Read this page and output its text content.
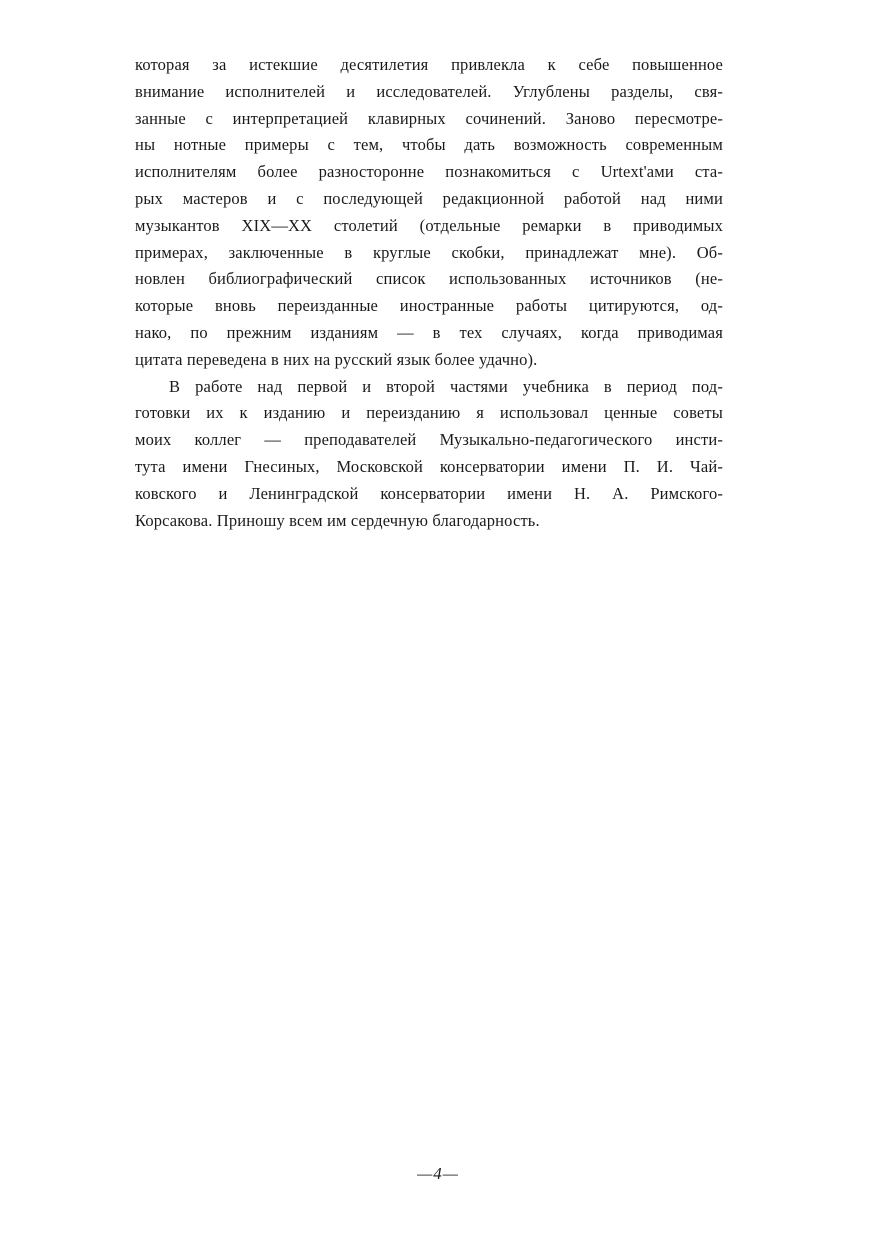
которая за истекшие десятилетия привлекла к себе повышенное
внимание исполнителей и исследователей. Углублены разделы, свя-
занные с интерпретацией клавирных сочинений. Заново пересмотре-
ны нотные примеры с тем, чтобы дать возможность современным
исполнителям более разносторонне познакомиться с Urtext'ами ста-
рых мастеров и с последующей редакционной работой над ними
музыкантов XIX—XX столетий (отдельные ремарки в приводимых
примерах, заключенные в круглые скобки, принадлежат мне). Об-
новлен библиографический список использованных источников (не-
которые вновь переизданные иностранные работы цитируются, од-
нако, по прежним изданиям — в тех случаях, когда приводимая
цитата переведена в них на русский язык более удачно).

В работе над первой и второй частями учебника в период под-
готовки их к изданию и переизданию я использовал ценные советы
моих коллег — преподавателей Музыкально-педагогического инсти-
тута имени Гнесиных, Московской консерватории имени П. И. Чай-
ковского и Ленинградской консерватории имени Н. А. Римского-
Корсакова. Приношу всем им сердечную благодарность.

—4—
